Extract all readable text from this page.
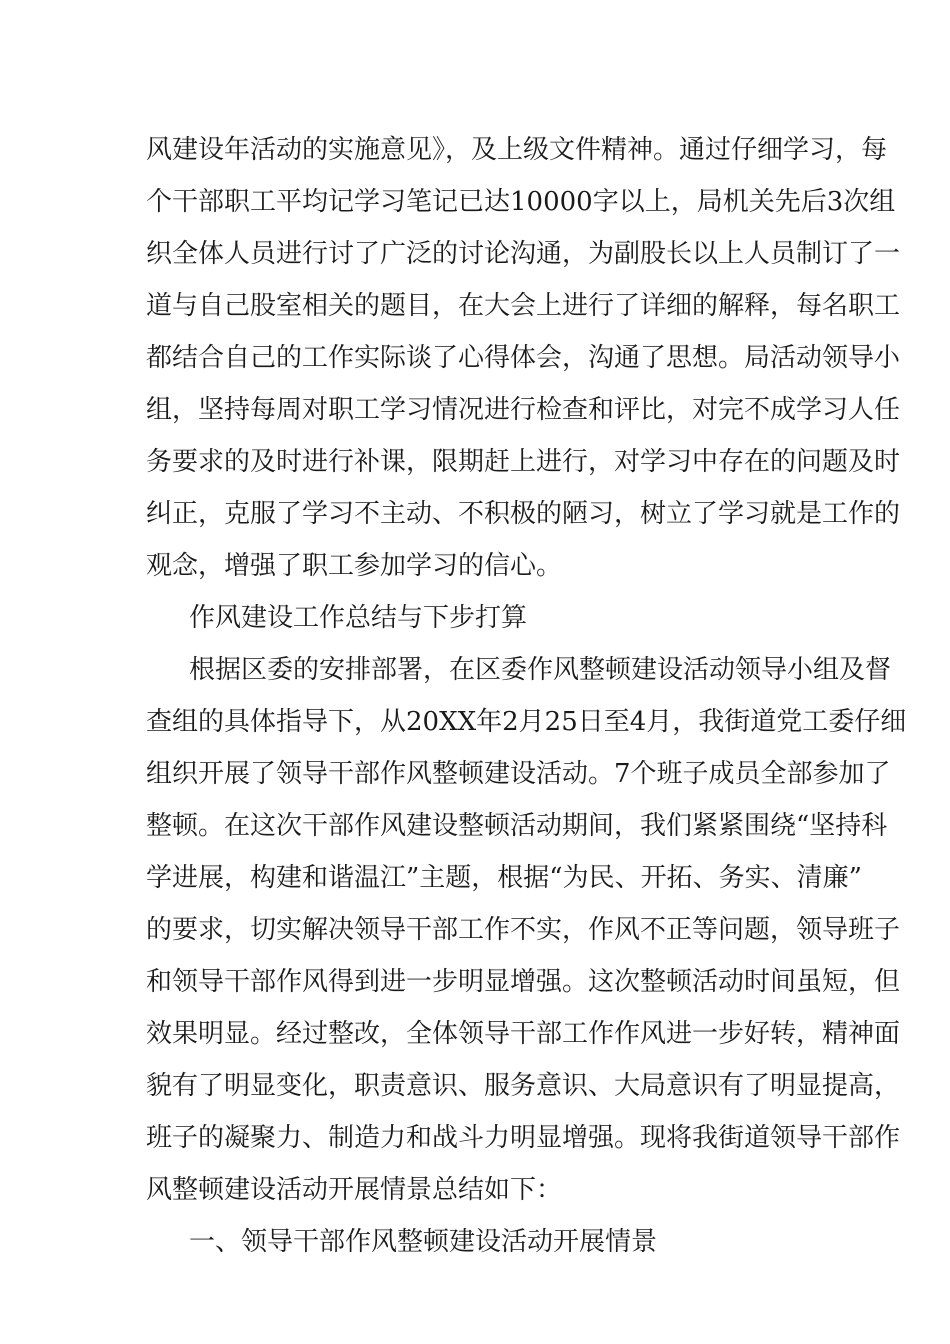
风建设年活动的实施意见》，及上级文件精神。通过仔细学习，每
个干部职工平均记学习笔记已达10000字以上，局机关先后3次组
织全体人员进行讨了广泛的讨论沟通，为副股长以上人员制订了一
道与自己股室相关的题目，在大会上进行了详细的解释，每名职工
都结合自己的工作实际谈了心得体会，沟通了思想。局活动领导小
组，坚持每周对职工学习情况进行检查和评比，对完不成学习人任
务要求的及时进行补课，限期赶上进行，对学习中存在的问题及时
纠正，克服了学习不主动、不积极的陋习，树立了学习就是工作的
观念，增强了职工参加学习的信心。
作风建设工作总结与下步打算
根据区委的安排部署，在区委作风整顿建设活动领导小组及督
查组的具体指导下，从20XX年2月25日至4月，我街道党工委仔细
组织开展了领导干部作风整顿建设活动。7个班子成员全部参加了
整顿。在这次干部作风建设整顿活动期间，我们紧紧围绕“坚持科
学进展，构建和谐温江”主题，根据“为民、开拓、务实、清廉”
的要求，切实解决领导干部工作不实，作风不正等问题，领导班子
和领导干部作风得到进一步明显增强。这次整顿活动时间虽短，但
效果明显。经过整改，全体领导干部工作作风进一步好转，精神面
貌有了明显变化，职责意识、服务意识、大局意识有了明显提高，
班子的凝聚力、制造力和战斗力明显增强。现将我街道领导干部作
风整顿建设活动开展情景总结如下：
一、领导干部作风整顿建设活动开展情景
